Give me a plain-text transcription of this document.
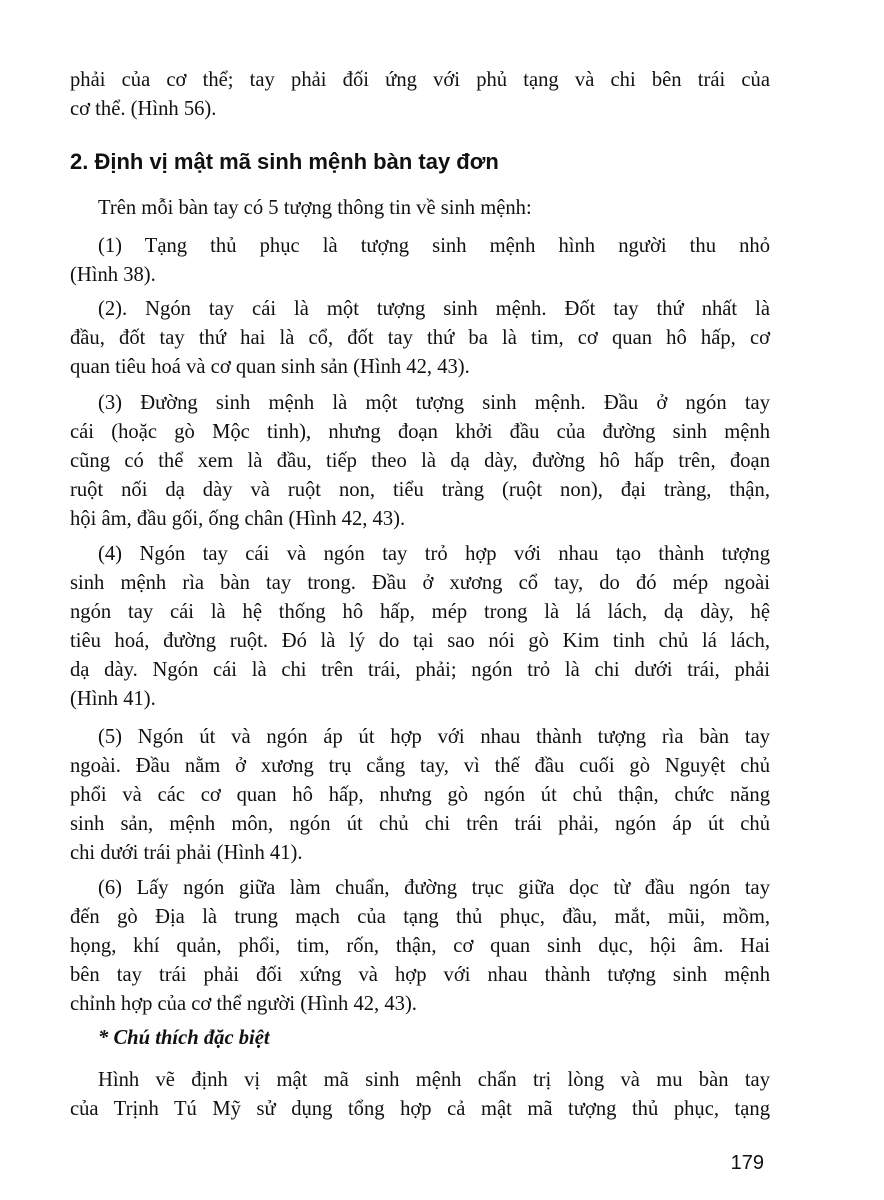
phải của cơ thể; tay phải đối ứng với phủ tạng và chi bên trái của
cơ thể. (Hình 56).
2. Định vị mật mã sinh mệnh bàn tay đơn
Trên mỗi bàn tay có 5 tượng thông tin về sinh mệnh:
(1) Tạng thủ phục là tượng sinh mệnh hình người thu nhỏ
(Hình 38).
(2). Ngón tay cái là một tượng sinh mệnh. Đốt tay thứ nhất là
đầu, đốt tay thứ hai là cổ, đốt tay thứ ba là tim, cơ quan hô hấp, cơ
quan tiêu hoá và cơ quan sinh sản (Hình 42, 43).
(3) Đường sinh mệnh là một tượng sinh mệnh. Đầu ở ngón tay
cái (hoặc gò Mộc tinh), nhưng đoạn khởi đầu của đường sinh mệnh
cũng có thể xem là đầu, tiếp theo là dạ dày, đường hô hấp trên, đoạn
ruột nối dạ dày và ruột non, tiểu tràng (ruột non), đại tràng, thận,
hội âm, đầu gối, ống chân (Hình 42, 43).
(4) Ngón tay cái và ngón tay trỏ hợp với nhau tạo thành tượng
sinh mệnh rìa bàn tay trong. Đầu ở xương cổ tay, do đó mép ngoài
ngón tay cái là hệ thống hô hấp, mép trong là lá lách, dạ dày, hệ
tiêu hoá, đường ruột. Đó là lý do tại sao nói gò Kim tinh chủ lá lách,
dạ dày. Ngón cái là chi trên trái, phải; ngón trỏ là chi dưới trái, phải
(Hình 41).
(5) Ngón út và ngón áp út hợp với nhau thành tượng rìa bàn tay
ngoài. Đầu nằm ở xương trụ cẳng tay, vì thế đầu cuối gò Nguyệt chủ
phổi và các cơ quan hô hấp, nhưng gò ngón út chủ thận, chức năng
sinh sản, mệnh môn, ngón út chủ chi trên trái phải, ngón áp út chủ
chi dưới trái phải (Hình 41).
(6) Lấy ngón giữa làm chuẩn, đường trục giữa dọc từ đầu ngón tay
đến gò Địa là trung mạch của tạng thủ phục, đầu, mắt, mũi, mồm,
họng, khí quản, phổi, tim, rốn, thận, cơ quan sinh dục, hội âm. Hai
bên tay trái phải đối xứng và hợp với nhau thành tượng sinh mệnh
chỉnh hợp của cơ thể người (Hình 42, 43).
* Chú thích đặc biệt
Hình vẽ định vị mật mã sinh mệnh chẩn trị lòng và mu bàn tay
của Trịnh Tú Mỹ sử dụng tổng hợp cả mật mã tượng thủ phục, tạng
179
